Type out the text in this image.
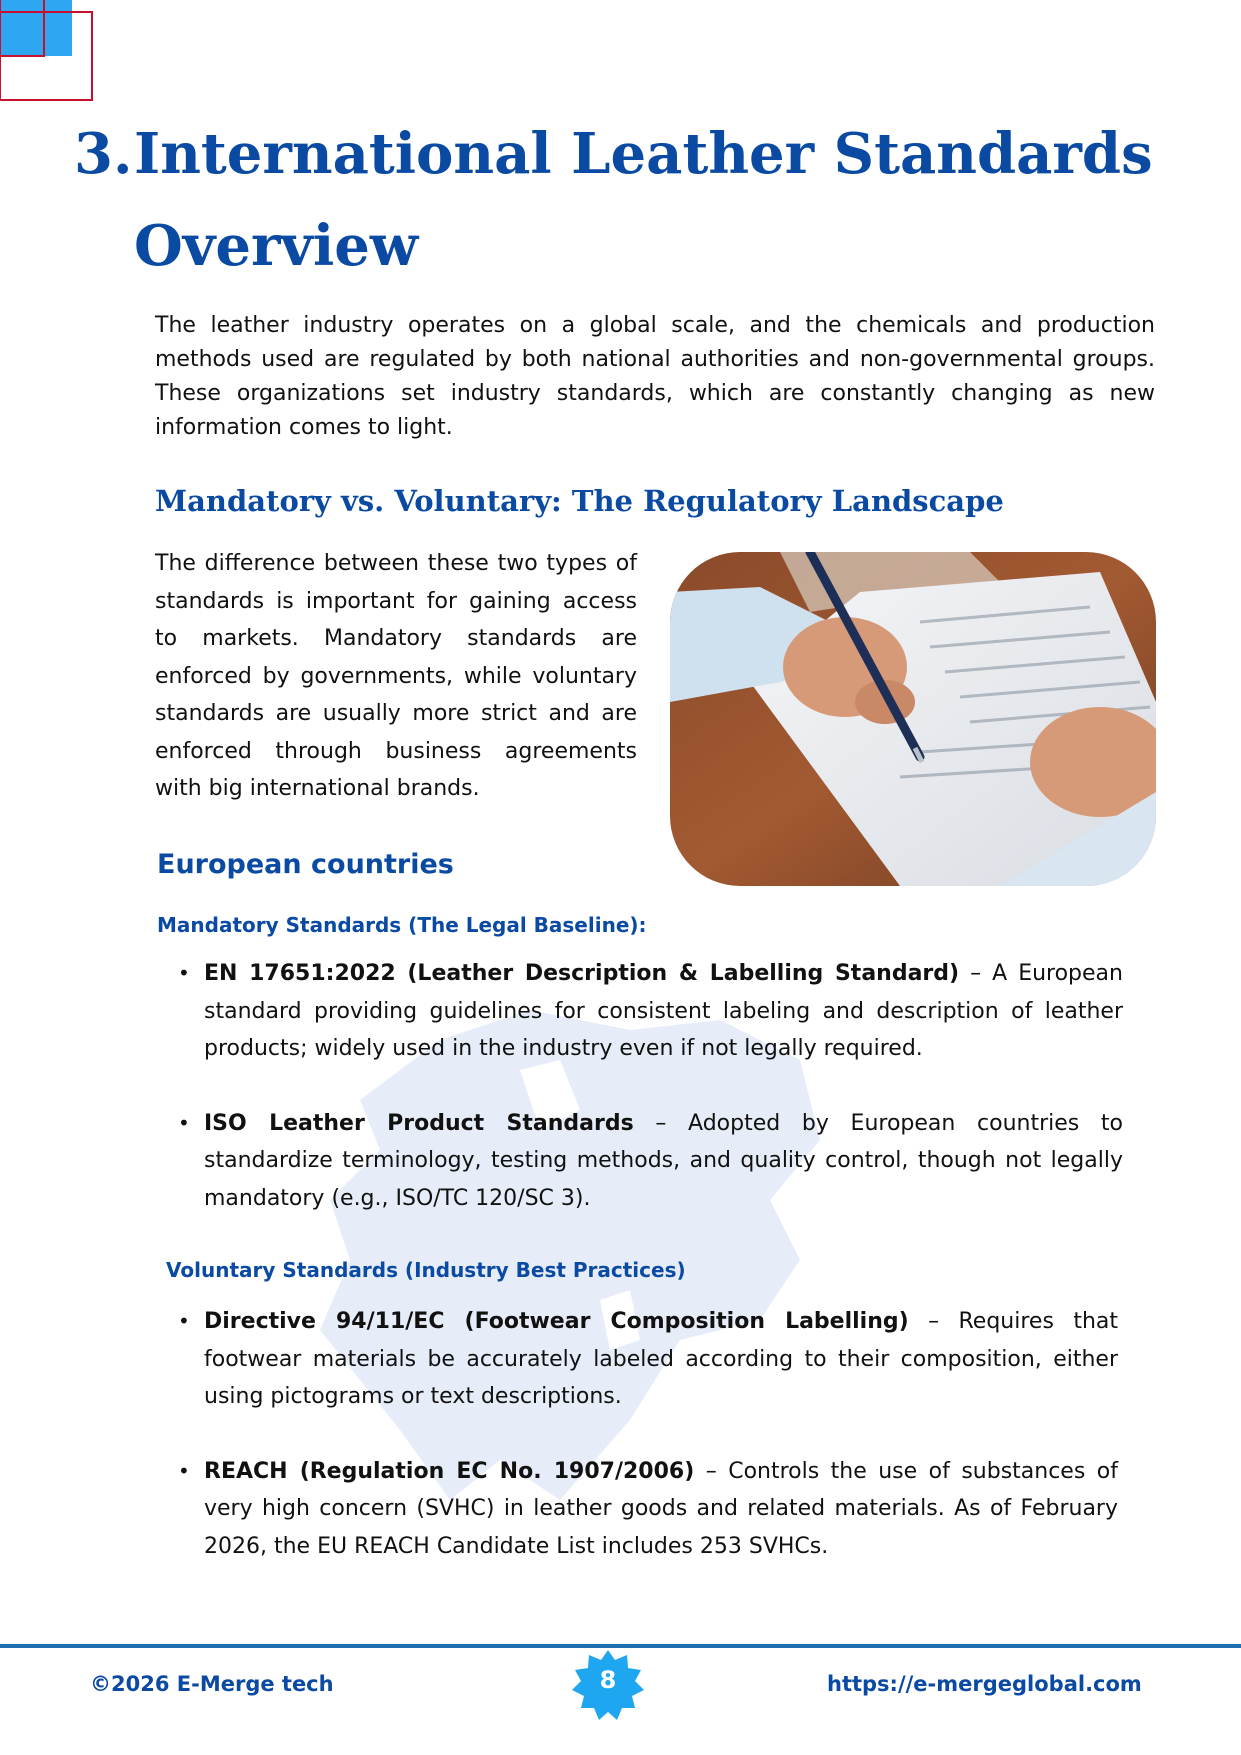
3. International Leather Standards
Overview

The leather industry operates on a global scale, and the chemicals and production methods used are regulated by both national authorities and non-governmental groups. These organizations set industry standards, which are constantly changing as new information comes to light.

Mandatory vs. Voluntary: The Regulatory Landscape

The difference between these two types of standards is important for gaining access to markets. Mandatory standards are enforced by governments, while voluntary standards are usually more strict and are enforced through business agreements with big international brands.

European countries

Mandatory Standards (The Legal Baseline):

• EN 17651:2022 (Leather Description & Labelling Standard) – A European standard providing guidelines for consistent labeling and description of leather products; widely used in the industry even if not legally required.
• ISO Leather Product Standards – Adopted by European countries to standardize terminology, testing methods, and quality control, though not legally mandatory (e.g., ISO/TC 120/SC 3).

Voluntary Standards (Industry Best Practices)

• Directive 94/11/EC (Footwear Composition Labelling) – Requires that footwear materials be accurately labeled according to their composition, either using pictograms or text descriptions.
• REACH (Regulation EC No. 1907/2006) – Controls the use of substances of very high concern (SVHC) in leather goods and related materials. As of February 2026, the EU REACH Candidate List includes 253 SVHCs.
©2026 E-Merge tech	8	https://e-mergeglobal.com
